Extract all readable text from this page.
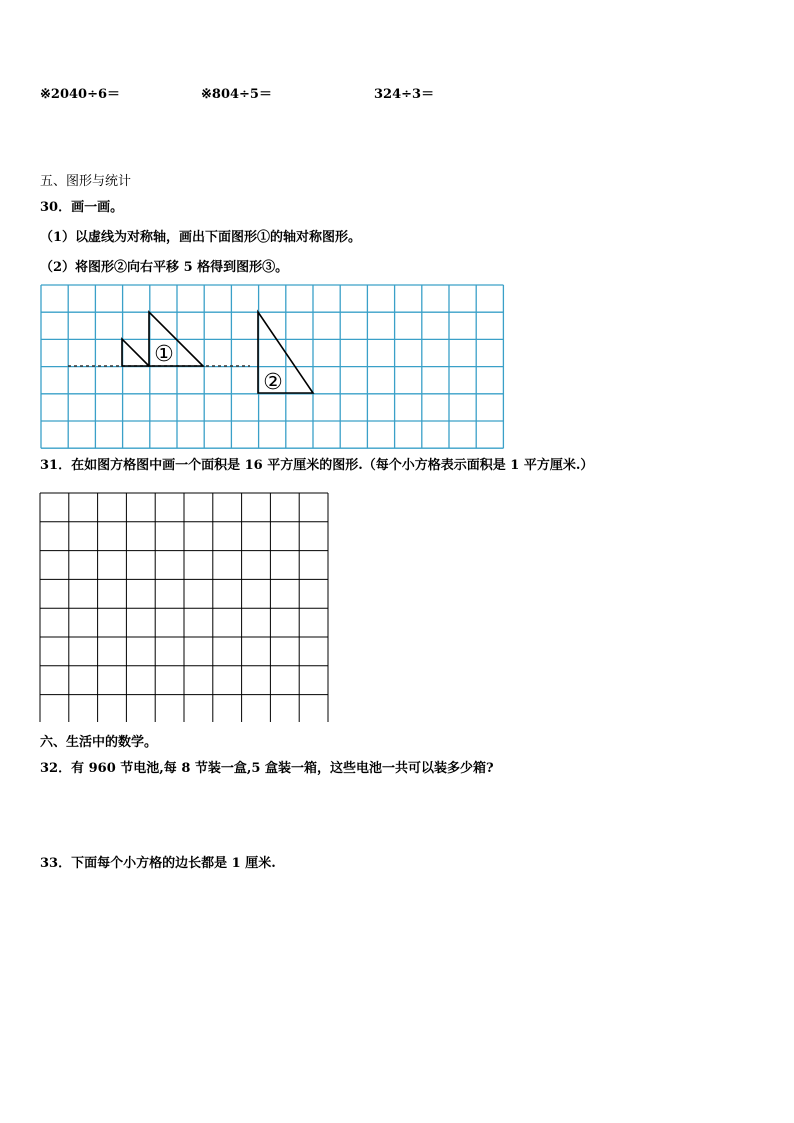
※2040÷6＝	※804÷5＝	324÷3＝

五、图形与统计

30．画一画。

（1）以虚线为对称轴，画出下面图形①的轴对称图形。

（2）将图形②向右平移 5 格得到图形③。

①
②

31．在如图方格图中画一个面积是 16 平方厘米的图形.（每个小方格表示面积是 1 平方厘米.）

六、生活中的数学。

32．有 960 节电池,每 8 节装一盒,5 盒装一箱，这些电池一共可以装多少箱?

33．下面每个小方格的边长都是 1 厘米.
